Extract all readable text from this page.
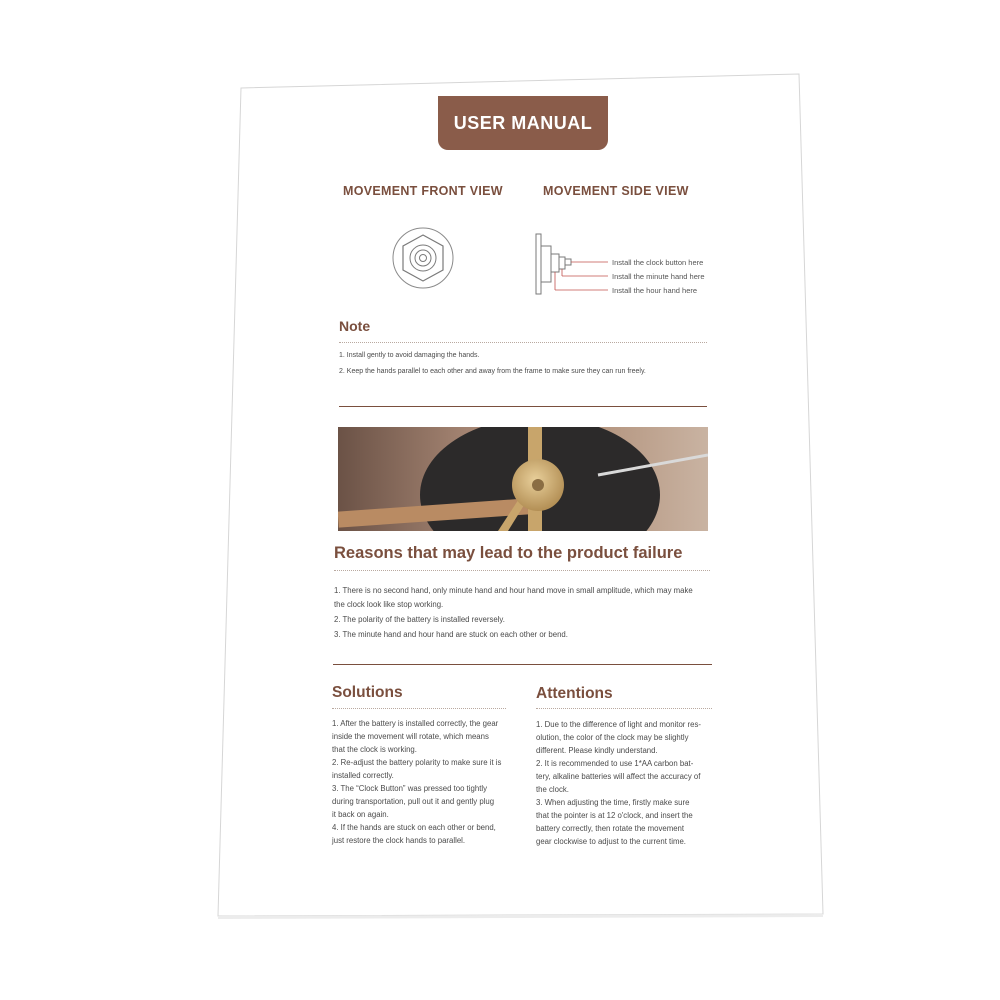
USER MANUAL
MOVEMENT FRONT VIEW	MOVEMENT SIDE VIEW
Install the clock button here
Install the minute hand here
Install the hour hand here
Note
1. Install gently to avoid damaging the hands.
2. Keep the hands parallel to each other and away from the frame to make sure they can run freely.
Reasons that may lead to the product failure
1. There is no second hand, only minute hand and hour hand move in small amplitude, which may make
the clock look like stop working.
2. The polarity of the battery is installed reversely.
3. The minute hand and hour hand are stuck on each other or bend.
Solutions
1. After the battery is installed correctly, the gear
inside the movement will rotate, which means
that the clock is working.
2. Re-adjust the battery polarity to make sure it is
installed correctly.
3. The “Clock Button” was pressed too tightly
during transportation, pull out it and gently plug
it back on again.
4. If the hands are stuck on each other or bend,
just restore the clock hands to parallel.
Attentions
1. Due to the difference of light and monitor res-
olution, the color of the clock may be slightly
different. Please kindly understand.
2. It is recommended to use 1*AA carbon bat-
tery, alkaline batteries will affect the accuracy of
the clock.
3. When adjusting the time, firstly make sure
that the pointer is at 12 o'clock, and insert the
battery correctly, then rotate the movement
gear clockwise to adjust to the current time.
